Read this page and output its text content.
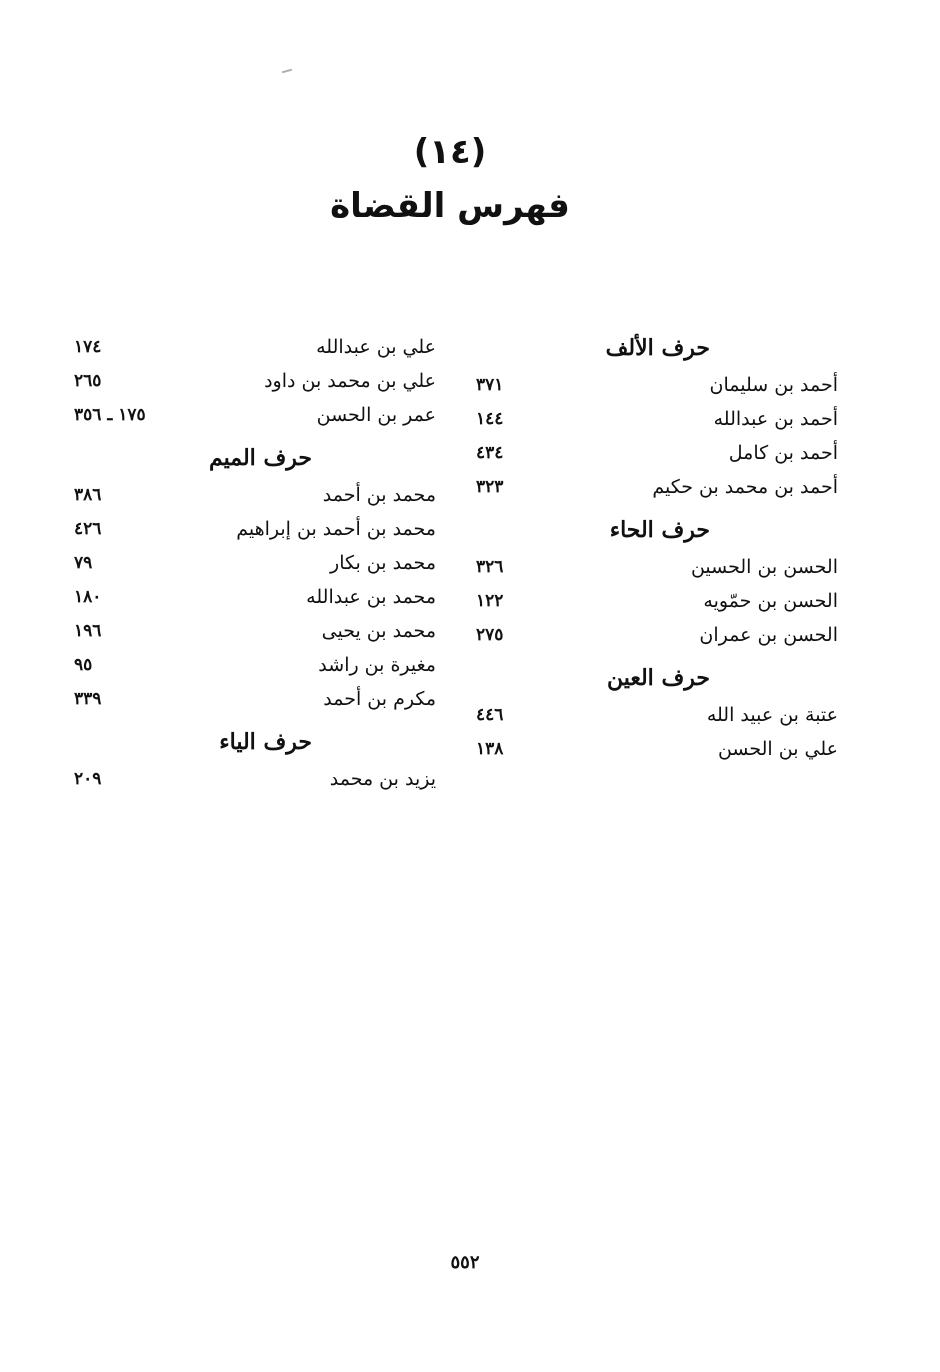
(١٤)
فهرس القضاة
حرف الألف
أحمد بن سليمان
٣٧١
أحمد بن عبدالله
١٤٤
أحمد بن كامل
٤٣٤
أحمد بن محمد بن حكيم
٣٢٣
حرف الحاء
الحسن بن الحسين
٣٢٦
الحسن بن حمّويه
١٢٢
الحسن بن عمران
٢٧٥
حرف العين
عتبة بن عبيد الله
٤٤٦
علي بن الحسن
١٣٨
علي بن عبدالله
١٧٤
علي بن محمد بن داود
٢٦٥
عمر بن الحسن
١٧٥ ـ ٣٥٦
حرف الميم
محمد بن أحمد
٣٨٦
محمد بن أحمد بن إبراهيم
٤٢٦
محمد بن بكار
٧٩
محمد بن عبدالله
١٨٠
محمد بن يحيى
١٩٦
مغيرة بن راشد
٩٥
مكرم بن أحمد
٣٣٩
حرف الياء
يزيد بن محمد
٢٠٩
٥٥٢
